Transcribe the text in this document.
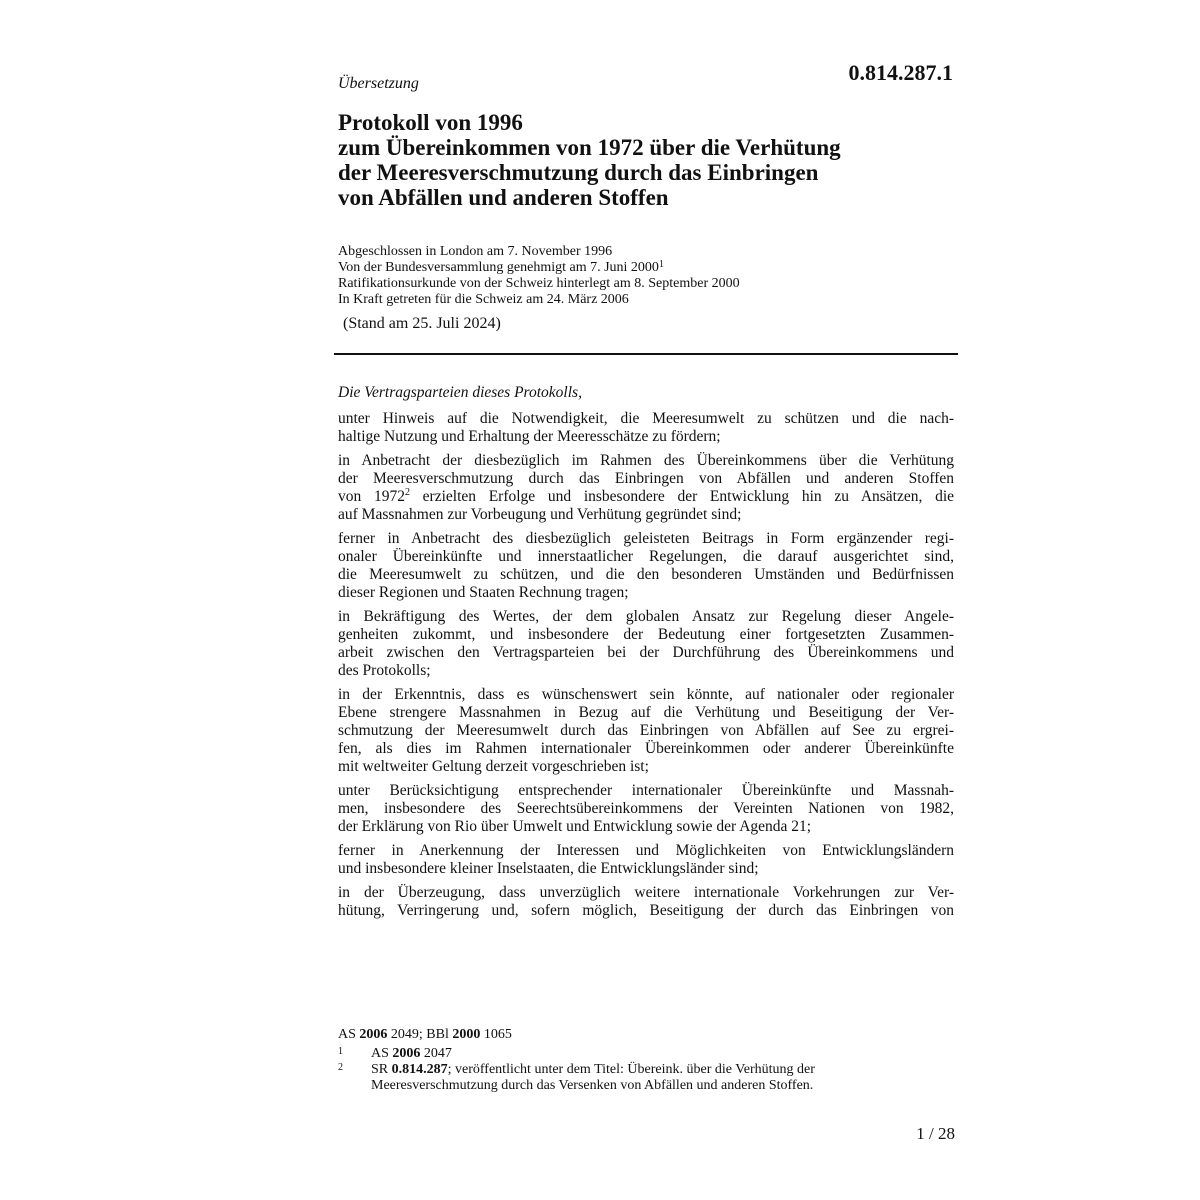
Übersetzung	0.814.287.1
Protokoll von 1996
zum Übereinkommen von 1972 über die Verhütung
der Meeresverschmutzung durch das Einbringen
von Abfällen und anderen Stoffen
Abgeschlossen in London am 7. November 1996
Von der Bundesversammlung genehmigt am 7. Juni 2000$^1$
Ratifikationsurkunde von der Schweiz hinterlegt am 8. September 2000
In Kraft getreten für die Schweiz am 24. März 2006
(Stand am 25. Juli 2024)
Die Vertragsparteien dieses Protokolls,
unter Hinweis auf die Notwendigkeit, die Meeresumwelt zu schützen und die nach-
haltige Nutzung und Erhaltung der Meeresschätze zu fördern;
in Anbetracht der diesbezüglich im Rahmen des Übereinkommens über die Verhütung
der Meeresverschmutzung durch das Einbringen von Abfällen und anderen Stoffen
von 1972$^2$ erzielten Erfolge und insbesondere der Entwicklung hin zu Ansätzen, die
auf Massnahmen zur Vorbeugung und Verhütung gegründet sind;
ferner in Anbetracht des diesbezüglich geleisteten Beitrags in Form ergänzender regi-
onaler Übereinkünfte und innerstaatlicher Regelungen, die darauf ausgerichtet sind,
die Meeresumwelt zu schützen, und die den besonderen Umständen und Bedürfnissen
dieser Regionen und Staaten Rechnung tragen;
in Bekräftigung des Wertes, der dem globalen Ansatz zur Regelung dieser Angele-
genheiten zukommt, und insbesondere der Bedeutung einer fortgesetzten Zusammen-
arbeit zwischen den Vertragsparteien bei der Durchführung des Übereinkommens und
des Protokolls;
in der Erkenntnis, dass es wünschenswert sein könnte, auf nationaler oder regionaler
Ebene strengere Massnahmen in Bezug auf die Verhütung und Beseitigung der Ver-
schmutzung der Meeresumwelt durch das Einbringen von Abfällen auf See zu ergrei-
fen, als dies im Rahmen internationaler Übereinkommen oder anderer Übereinkünfte
mit weltweiter Geltung derzeit vorgeschrieben ist;
unter Berücksichtigung entsprechender internationaler Übereinkünfte und Massnah-
men, insbesondere des Seerechtsübereinkommens der Vereinten Nationen von 1982,
der Erklärung von Rio über Umwelt und Entwicklung sowie der Agenda 21;
ferner in Anerkennung der Interessen und Möglichkeiten von Entwicklungsländern
und insbesondere kleiner Inselstaaten, die Entwicklungsländer sind;
in der Überzeugung, dass unverzüglich weitere internationale Vorkehrungen zur Ver-
hütung, Verringerung und, sofern möglich, Beseitigung der durch das Einbringen von
AS 2006 2049; BBl 2000 1065
1 AS 2006 2047
2 SR 0.814.287; veröffentlicht unter dem Titel: Übereink. über die Verhütung der
Meeresverschmutzung durch das Versenken von Abfällen und anderen Stoffen.
1 / 28
